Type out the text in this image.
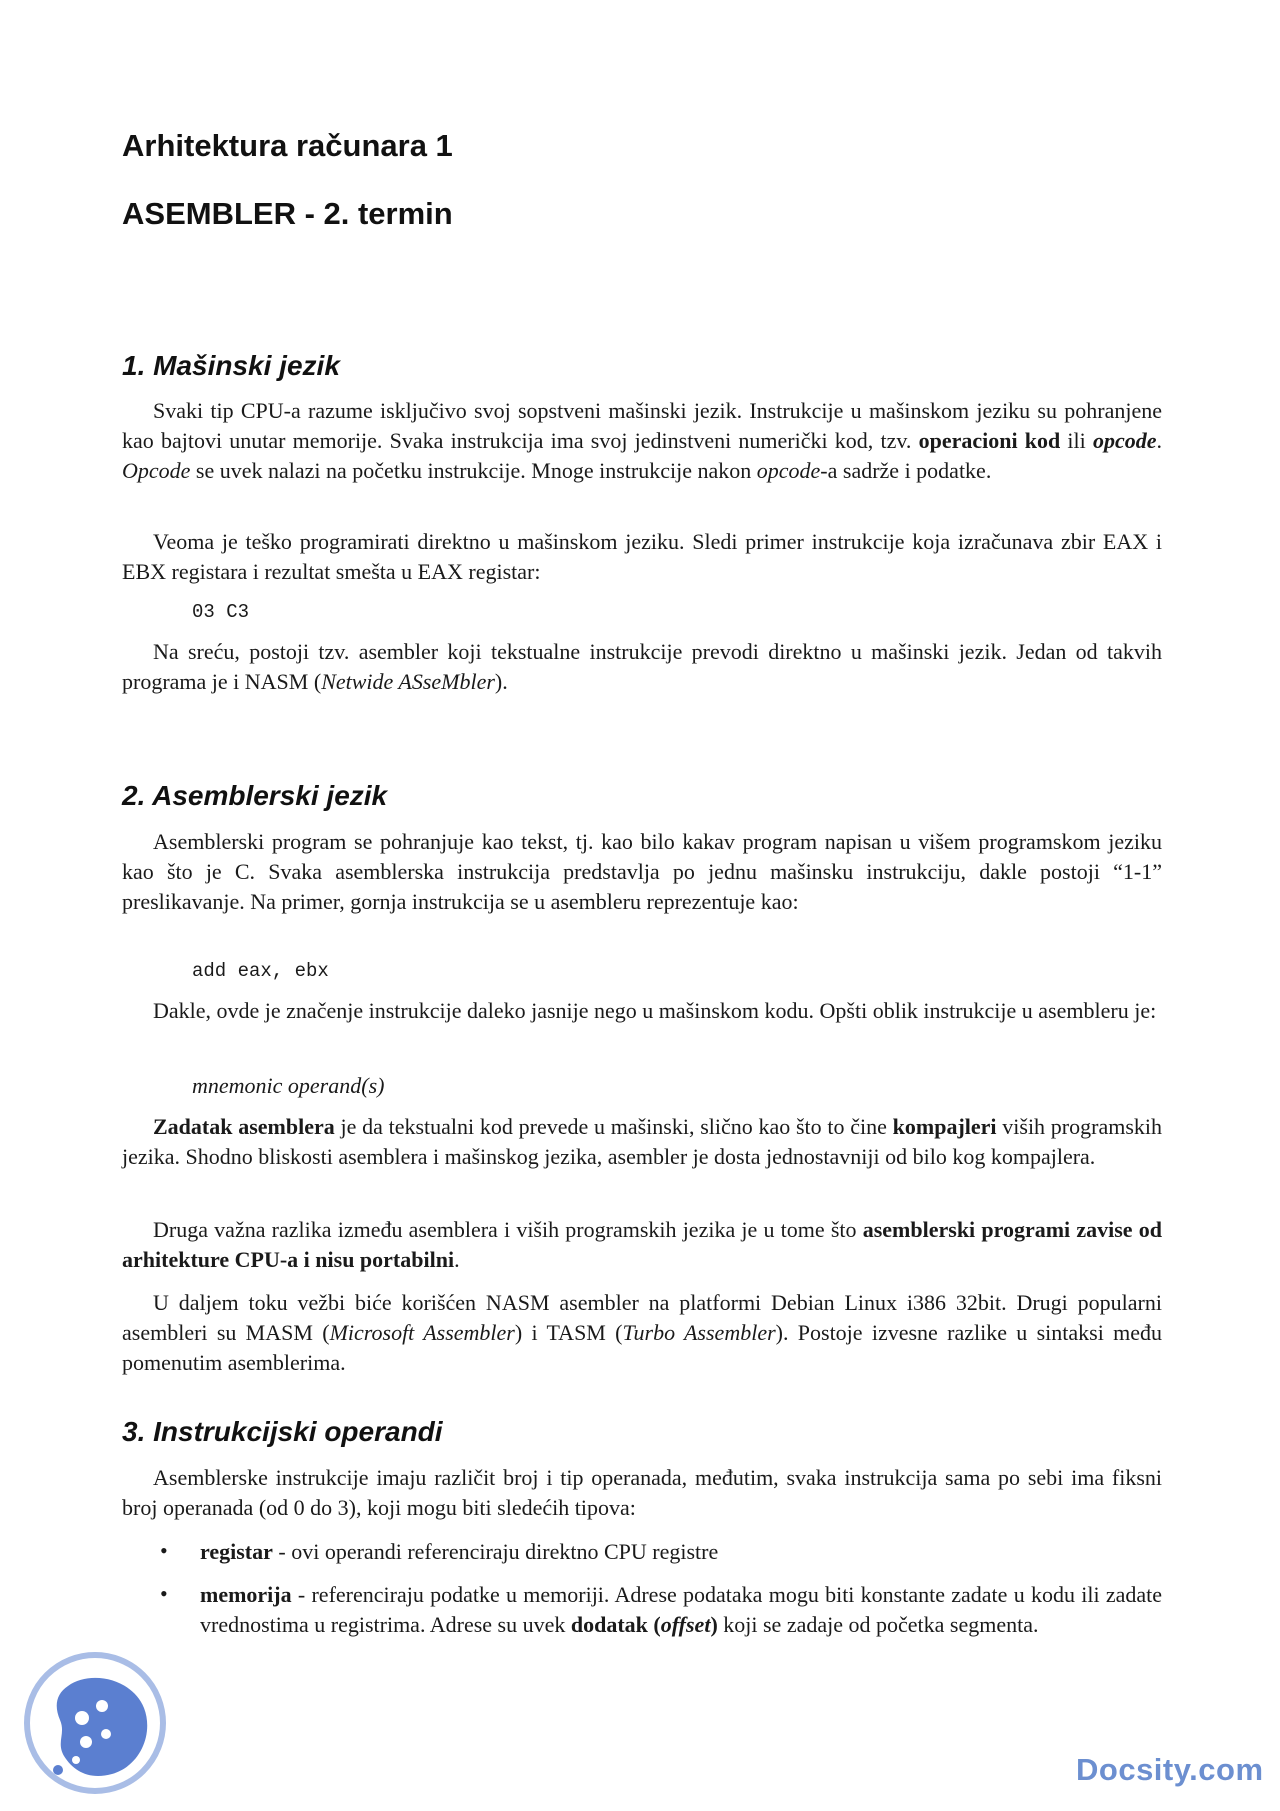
Arhitektura računara 1
ASEMBLER - 2. termin
1. Mašinski jezik

Svaki tip CPU-a razume isključivo svoj sopstveni mašinski jezik. Instrukcije u mašinskom jeziku su pohranjene kao bajtovi unutar memorije. Svaka instrukcija ima svoj jedinstveni numerički kod, tzv. operacioni kod ili opcode. Opcode se uvek nalazi na početku instrukcije. Mnoge instrukcije nakon opcode-a sadrže i podatke.

Veoma je teško programirati direktno u mašinskom jeziku. Sledi primer instrukcije koja izračunava zbir EAX i EBX registara i rezultat smešta u EAX registar:

03 C3

Na sreću, postoji tzv. asembler koji tekstualne instrukcije prevodi direktno u mašinski jezik. Jedan od takvih programa je i NASM (Netwide ASseMbler).

2. Asemblerski jezik

Asemblerski program se pohranjuje kao tekst, tj. kao bilo kakav program napisan u višem programskom jeziku kao što je C. Svaka asemblerska instrukcija predstavlja po jednu mašinsku instrukciju, dakle postoji “1-1” preslikavanje. Na primer, gornja instrukcija se u asembleru reprezentuje kao:

add eax, ebx

Dakle, ovde je značenje instrukcije daleko jasnije nego u mašinskom kodu. Opšti oblik instrukcije u asembleru je:

mnemonic operand(s)

Zadatak asemblera je da tekstualni kod prevede u mašinski, slično kao što to čine kompajleri viših programskih jezika. Shodno bliskosti asemblera i mašinskog jezika, asembler je dosta jednostavniji od bilo kog kompajlera.

Druga važna razlika između asemblera i viših programskih jezika je u tome što asemblerski programi zavise od arhitekture CPU-a i nisu portabilni.

U daljem toku vežbi biće korišćen NASM asembler na platformi Debian Linux i386 32bit. Drugi popularni asembleri su MASM (Microsoft Assembler) i TASM (Turbo Assembler). Postoje izvesne razlike u sintaksi među pomenutim asemblerima.

3. Instrukcijski operandi

Asemblerske instrukcije imaju različit broj i tip operanada, međutim, svaka instrukcija sama po sebi ima fiksni broj operanada (od 0 do 3), koji mogu biti sledećih tipova:

• registar - ovi operandi referenciraju direktno CPU registre

• memorija - referenciraju podatke u memoriji. Adrese podataka mogu biti konstante zadate u kodu ili zadate vrednostima u registrima. Adrese su uvek dodatak (offset) koji se zadaje od početka segmenta.

Docsity.com
